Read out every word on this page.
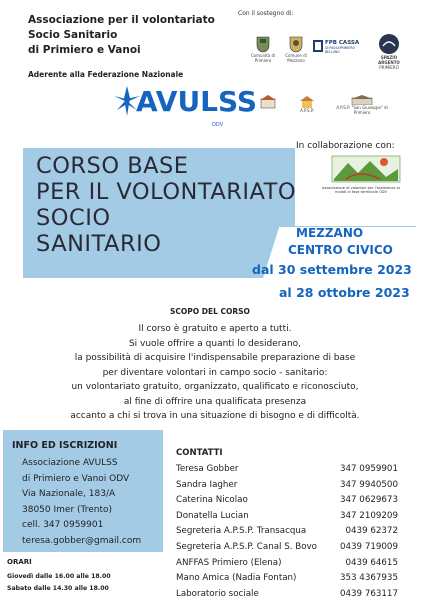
Associazione per il volontariato
Socio Sanitario
di Primiero e Vanoi
Aderente alla Federazione Nazionale
AVULSS
ODV
Con il sostegno di:
Comunità di Primiero
Comune di Mezzano
FPB CASSA
DI PASSAPRIMIERO BELLUNO
SPAZIO ARGENTO
PRIMIERO
A.P.S.P.
A.P.S.P. "San Giuseppe" di Primiero
In collaborazione con:
associazione di volontari per l'assistenza ai malati in fase terminale ODV
CORSO BASE
PER IL VOLONTARIATO
SOCIO
SANITARIO	MEZZANO
CENTRO CIVICO
dal 30 settembre 2023
al 28 ottobre 2023
SCOPO DEL CORSO
Il corso è gratuito e aperto a tutti.
Si vuole offrire a quanti lo desiderano,
la possibilità di acquisire l'indispensabile preparazione di base
per diventare volontari in campo socio - sanitario:
un volontariato gratuito, organizzato, qualificato e riconosciuto,
al fine di offrire una qualificata presenza
accanto a chi si trova in una situazione di bisogno e di difficoltà.
INFO ED ISCRIZIONI
Associazione AVULSS
di Primiero e Vanoi ODV
Via Nazionale, 183/A
38050 Imer (Trento)
cell. 347 0959901
teresa.gobber@gmail.com
ORARI
Giovedì dalle 16.00 alle 18.00
Sabato dalle 14.30 alle 18.00
CONTATTI
Teresa Gobber	347 0959901
Sandra Iagher	347 9940500
Caterina Nicolao	347 0629673
Donatella Lucian	347 2109209
Segreteria A.P.S.P. Transacqua	0439 62372
Segreteria A.P.S.P. Canal S. Bovo	0439 719009
ANFFAS Primiero (Elena)	0439 64615
Mano Amica (Nadia Fontan)	353 4367935
Laboratorio sociale	0439 763117
